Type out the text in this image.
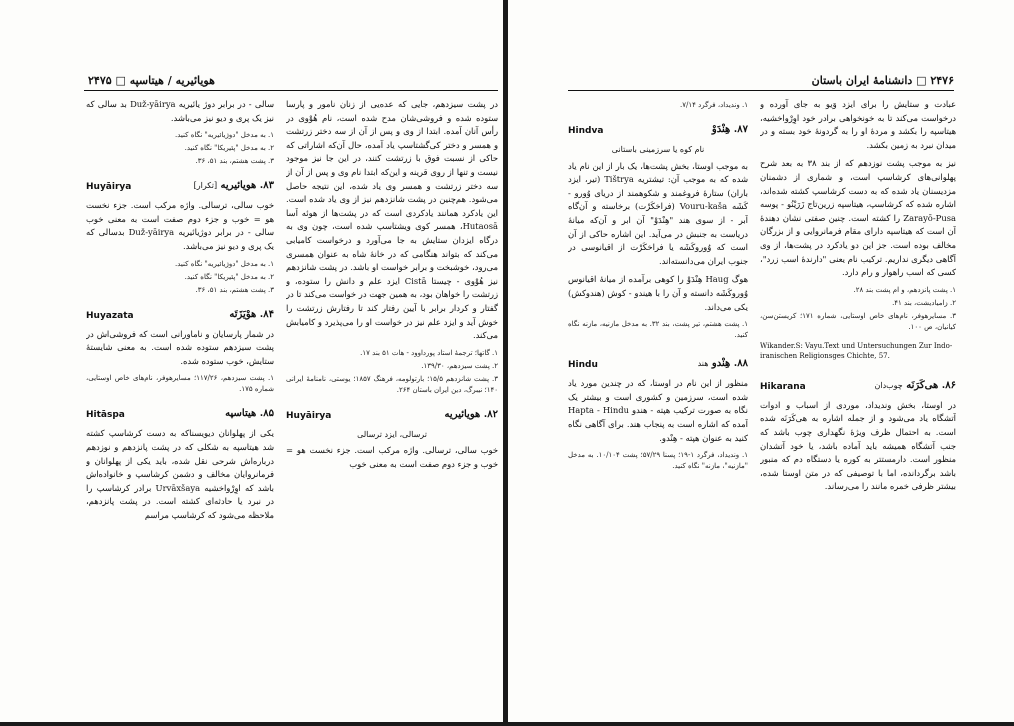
هویائیریه / هیتاسپه □ ۲۴۷۵

در پشت سیزدهم، جایی که عده‌یی از زنان نامور و پارسا ستوده شده و فروشی‌شان مدح شده است، نام هُوْوی در رأس آنان آمده. ابتدا از وی و پس از آن از سه دختر زرتشت و همسر و دختر کی‌گشتاسپ یاد آمده، حال آن‌که اشاراتی که حاکی از نسبت فوق با زرتشت کنند، در این جا نیز موجود نیست و تنها از روی قرینه و این‌که ابتدا نام وی و پس از آن از سه دختر زرتشت و همسر وی یاد شده، این نتیجه حاصل می‌شود. هم‌چنین در پشت شانزدهم نیز از وی یاد شده است. این یادکرد همانند یادکردی است که در پشت‌ها از هوئه اَسا Hutaosā، همسر کوی ویشتاسپ شده است، چون وی به درگاه ایزدان ستایش به جا می‌آورد و درخواست کامیابی می‌کند که بتواند هنگامی که در خانهٔ شاه به عنوان همسری می‌رود، خوشبخت و برابر خواست او باشد. در پشت شانزدهم نیز هُوْوی - چیستا Cistā ایزد علم و دانش را ستوده، و زرتشت را خواهان بود، به همین جهت در خواست می‌کند تا در گفتار و کردار برابر با آیین رفتار کند تا رفتارش زرتشت را خوش آید و ایزد علم نیز در خواست او را می‌پذیرد و کامیابش می‌کند.

۱. گاتها؛ ترجمهٔ استاد پورداوود - هات ۵۱ بند ۱۷.
۲. پشت سیزدهم، ۱۳۹/۳۰.
۳. پشت شانزدهم ۱۵/۵؛ بارتولومه، فرهنگ ۱۸۵۷؛ یوستی، نامنامهٔ ایرانی ۱۴۰؛ نیبرگ، دین ایران باستان ۲۶۴.
Huyāirya	۸۲. هویائیریه
ترسالی، ایزد ترسالی

خوب سالی، ترسالی. واژه مرکب است. جزء نخست هو = خوب و جزء دوم صفت است به معنی خوب

سالی - در برابر دوژ یائیریه Duž-yāirya بد سالی که نیز یک پری و دیو نیز می‌باشد.

۱. به مدخل "دوژیائیریه" نگاه کنید.
۲. به مدخل "پئیریکا" نگاه کنید.
۳. پشت هشتم، بند ۵۱، ۳۶.
Huyāirya	۸۳. هویائیریه [تکرار]

خوب سالی، ترسالی. واژه مرکب است. جزء نخست هو = خوب و جزء دوم صفت است به معنی خوب سالی - در برابر دوژیائیریه Duž-yāirya بدسالی که یک پری و دیو نیز می‌باشد.

۱. به مدخل "دوژیائیریه" نگاه کنید.
۲. به مدخل "پئیریکا" نگاه کنید.
۳. پشت هشتم، بند ۵۱، ۳۶.
Huyazata	۸۴. هوْیَزَتَه

در شمار پارسایان و ناماورانی است که فروشی‌اش در پشت سیزدهم ستوده شده است. به معنی شایستهٔ ستایش، خوب ستوده شده.

۱. پشت سیزدهم، ۱۱۷/۲۶؛ مسایرهوفر، نام‌های خاص اوستایی، شماره ۱۷۵.
Hitāspa	۸۵. هیتاسپه

یکی از پهلوانان دیویسناکه به دست کرشاسپ کشته شد هیتاسپه به شکلی که در پشت پانزدهم و نوزدهم درباره‌اش شرحی نقل شده، باید یکی از پهلوانان و فرمانروایان مخالف و دشمن کرشاسپ و خانواده‌اش باشد که اوِرْواخشیه Urvāxšaya برادر کرشاسپ را در نبرد یا حادثه‌ای کشته است. در پشت پانزدهم، ملاحظه می‌شود که کرشاسپ مراسم

۲۴۷۶ □ دانشنامهٔ ایران باستان

عبادت و ستایش را برای ایزد وَیو به جای آورده و درخواست می‌کند تا به خونخواهی برادر خود اوِرْواخشیه، هیتاسپه را بکشد و مردهٔ او را به گردونهٔ خود بسته و در میدان نبرد به زمین بکشد.

نیز به موجب پشت نوزدهم که از بند ۳۸ به بعد شرح پهلوانی‌های کرشاسپ است، و شماری از دشمنان مزدیسنان یاد شده که به دست کرشاسپ کشته شده‌اند، اشاره شده که کرشاسپ، هیتاسپه زرین‌تاج زَرَیْنُو - پوسه Zarayō-Pusa را کشته است. چنین صفتی نشان دهندهٔ آن است که هیتاسپه دارای مقام فرمانروایی و از بزرگان مخالف بوده است. جز این دو یادکرد در پشت‌ها، از وی آگاهی دیگری نداریم. ترکیب نام یعنی "دارندهٔ اسب زرد"، کسی که اسب راهوار و رام دارد.

۱. پشت پانزدهم، و ام پشت بند ۲۸.
۲. زامیادیشت، بند ۴۱.
۳. مسایرهوفر، نام‌های خاص اوستایی، شماره ۱۷۱؛ کریستن‌سن، کیانیان، ص ۱۰۰.
Wikander.S: Vayu.Text und Untersuchungen Zur Indo-iranischen Religionsges Chichte, 57.
Hikarana	۸۶. هی‌کَرَنَه چوب‌دان

در اوستا، بخش وندیداد، موردی از اسباب و ادوات آتشگاه یاد می‌شود و از جمله اشاره به هی‌کَرَنَه شده است. به احتمال ظرف ویژهٔ نگهداری چوب باشد که جنب آتشگاه همیشه باید آماده باشد، یا خود آتشدان منظور است. دارمستتر به کوره یا دستگاه دم که منبور باشد برگردانده، اما با توصیفی که در متن اوستا شده، بیشتر ظرفی خمره مانند را می‌رساند.

۱. وندیداد، فرگرد ۷/۱۴.
Hindva	۸۷. هِنْدَوْ
نام کوه یا سرزمینی باستانی

به موجب اوستا، بخش پشت‌ها، یک بار از این نام یاد شده که به موجب آن: تیشتریه Tištrya (تیر، ایزد باران) ستارهٔ فروغمند و شکوهمند از دریای وُورو - کَشَه Vouru-kaša (فراخکَرْت) برخاسته و آن‌گاه آبر - از سوی هند "هِنْدَوْ" آن ابر و آن‌که میانهٔ دریاست به جنبش در می‌آید. این اشاره حاکی از آن است که وُوروکَشَه یا فراخکَرْت از اقیانوسی در جنوب ایران می‌دانسته‌اند.

هوگ Haug هِنْدَوْ را کوهی برآمده از میانهٔ اقیانوس وُوروکَشَه دانسته و آن را با هیندو - کوش (هندوکش) یکی می‌داند.

۱. پشت هشتم، تیر پشت، بند ۳۲. به مدخل مازنیه، مازنه نگاه کنید.
Hindu	۸۸. هِنْدو هند

منظور از این نام در اوستا، که در چندین مورد یاد شده است، سرزمین و کشوری است و بیشتر یک نگاه به صورت ترکیب هپته - هندو Hapta - Hindu آمده که اشاره است به پنجاب هند. برای آگاهی نگاه کنید به عنوان هپته - هِنْدو.

۱. وندیداد، فرگرد ۱-۱۹؛ پسنا ۵۷/۲۹؛ پشت ۱۰/۱۰۴. به مدخل "مازنیه"، مازنه" نگاه کنید.
